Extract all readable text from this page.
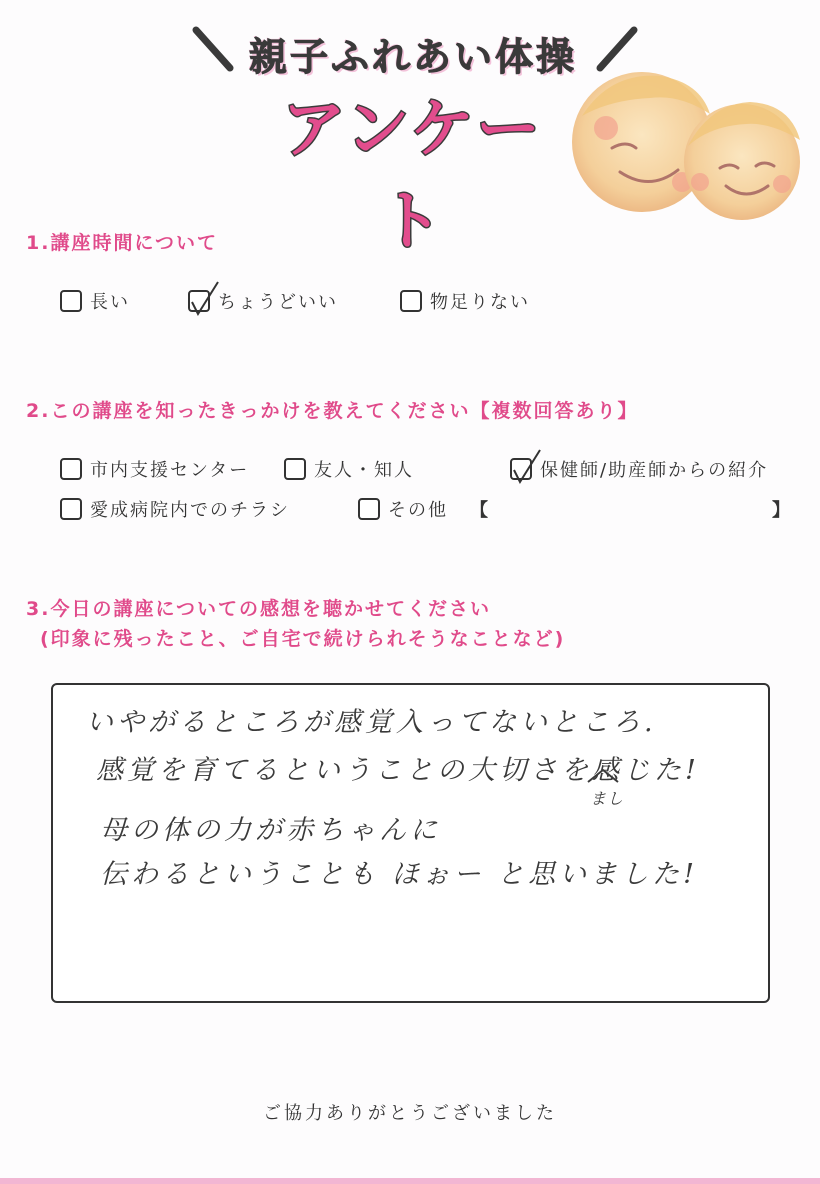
親子ふれあい体操
アンケート
1.講座時間について
長い	ちょうどいい	物足りない
2.この講座を知ったきっかけを教えてください【複数回答あり】
市内支援センター	友人・知人	保健師/助産師からの紹介
愛成病院内でのチラシ	その他 【	】
3.今日の講座についての感想を聴かせてください
(印象に残ったこと、ご自宅で続けられそうなことなど)
いやがるところが感覚入ってないところ.
感覚を育てるということの大切さを感じた!
まし
母の体の力が赤ちゃんに
伝わるということも ほぉー と思いました!
ご協力ありがとうございました
